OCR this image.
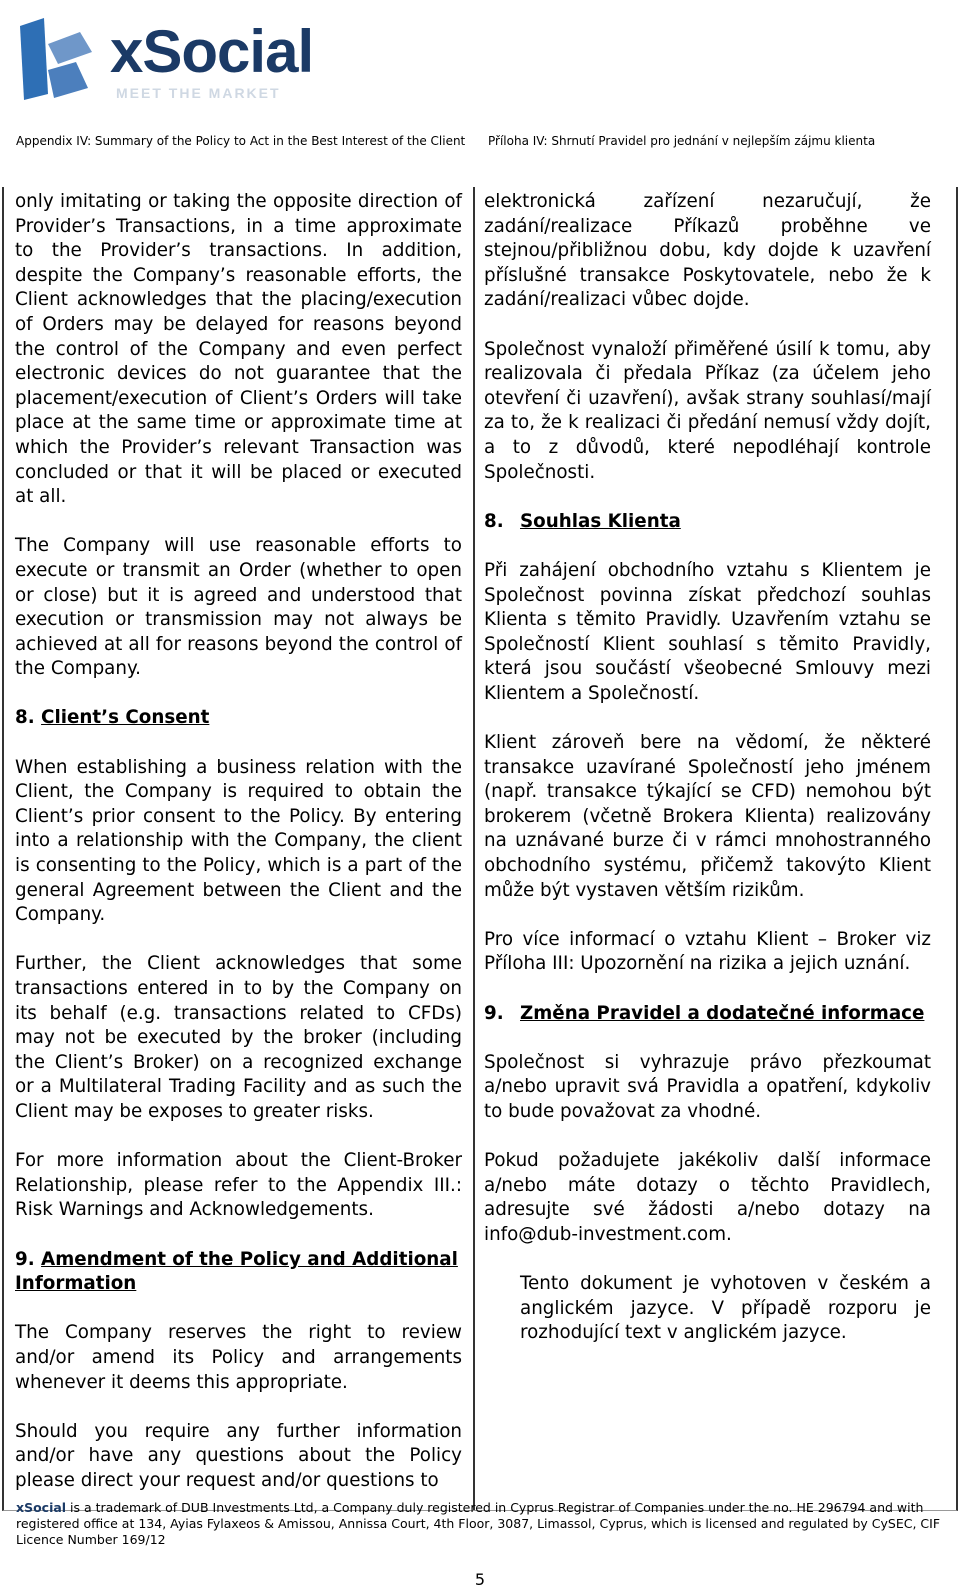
xSocial
MEET THE MARKET
Appendix IV: Summary of the Policy to Act in the Best Interest of the Client Příloha IV: Shrnutí Pravidel pro jednání v nejlepším zájmu klienta

only imitating or taking the opposite direction of Provider’s Transactions, in a time approximate to the Provider’s transactions. In addition, despite the Company’s reasonable efforts, the Client acknowledges that the placing/execution of Orders may be delayed for reasons beyond the control of the Company and even perfect electronic devices do not guarantee that the placement/execution of Client’s Orders will take place at the same time or approximate time at which the Provider’s relevant Transaction was concluded or that it will be placed or executed at all.

The Company will use reasonable efforts to execute or transmit an Order (whether to open or close) but it is agreed and understood that execution or transmission may not always be achieved at all for reasons beyond the control of the Company.

8. Client’s Consent

When establishing a business relation with the Client, the Company is required to obtain the Client’s prior consent to the Policy. By entering into a relationship with the Company, the client is consenting to the Policy, which is a part of the general Agreement between the Client and the Company.

Further, the Client acknowledges that some transactions entered in to by the Company on its behalf (e.g. transactions related to CFDs) may not be executed by the broker (including the Client’s Broker) on a recognized exchange or a Multilateral Trading Facility and as such the Client may be exposes to greater risks.

For more information about the Client-Broker Relationship, please refer to the Appendix III.: Risk Warnings and Acknowledgements.

9. Amendment of the Policy and Additional Information

The Company reserves the right to review and/or amend its Policy and arrangements whenever it deems this appropriate.

Should you require any further information and/or have any questions about the Policy please direct your request and/or questions to

elektronická zařízení nezaručují, že zadání/realizace Příkazů proběhne ve stejnou/přibližnou dobu, kdy dojde k uzavření příslušné transakce Poskytovatele, nebo že k zadání/realizaci vůbec dojde.

Společnost vynaloží přiměřené úsilí k tomu, aby realizovala či předala Příkaz (za účelem jeho otevření či uzavření), avšak strany souhlasí/mají za to, že k realizaci či předání nemusí vždy dojít, a to z důvodů, které nepodléhají kontrole Společnosti.

8. Souhlas Klienta

Při zahájení obchodního vztahu s Klientem je Společnost povinna získat předchozí souhlas Klienta s těmito Pravidly. Uzavřením vztahu se Společností Klient souhlasí s těmito Pravidly, která jsou součástí všeobecné Smlouvy mezi Klientem a Společností.

Klient zároveň bere na vědomí, že některé transakce uzavírané Společností jeho jménem (např. transakce týkající se CFD) nemohou být brokerem (včetně Brokera Klienta) realizovány na uznávané burze či v rámci mnohostranného obchodního systému, přičemž takovýto Klient může být vystaven větším rizikům.

Pro více informací o vztahu Klient – Broker viz Příloha III: Upozornění na rizika a jejich uznání.

9. Změna Pravidel a dodatečné informace

Společnost si vyhrazuje právo přezkoumat a/nebo upravit svá Pravidla a opatření, kdykoliv to bude považovat za vhodné.

Pokud požadujete jakékoliv další informace a/nebo máte dotazy o těchto Pravidlech, adresujte své žádosti a/nebo dotazy na info@dub-investment.com.

Tento dokument je vyhotoven v českém a anglickém jazyce. V případě rozporu je rozhodující text v anglickém jazyce.

xSocial is a trademark of DUB Investments Ltd, a Company duly registered in Cyprus Registrar of Companies under the no. HE 296794 and with registered office at 134, Ayias Fylaxeos & Amissou, Annissa Court, 4th Floor, 3087, Limassol, Cyprus, which is licensed and regulated by CySEC, CIF Licence Number 169/12
5
